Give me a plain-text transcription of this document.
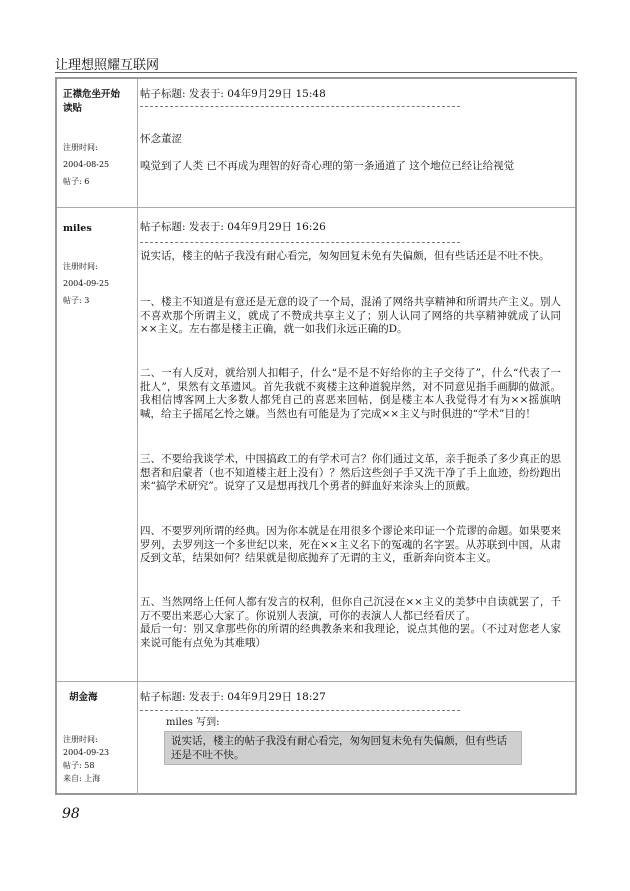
让理想照耀互联网
正襟危坐开始读贴
注册时间:
2004-08-25
帖子: 6
帖子标题: 发表于: 04年9月29日 15:48
怀念董涩
嗅觉到了人类 已不再成为理智的好奇心理的第一条通道了 这个地位已经让给视觉
miles
注册时间:
2004-09-25
帖子: 3
帖子标题: 发表于: 04年9月29日 16:26
说实话，楼主的帖子我没有耐心看完，匆匆回复未免有失偏颇，但有些话还是不吐不快。
一、楼主不知道是有意还是无意的设了一个局，混淆了网络共享精神和所谓共产主义。别人不喜欢那个所谓主义，就成了不赞成共享主义了；别人认同了网络的共享精神就成了认同××主义。左右都是楼主正确，就一如我们永远正确的D。
二、一有人反对，就给别人扣帽子，什么“是不是不好给你的主子交待了”，什么“代表了一批人”，果然有文革遗风。首先我就不爽楼主这种道貌岸然，对不同意见指手画脚的做派。我相信博客网上大多数人都凭自己的喜恶来回帖，倒是楼主本人我觉得才有为××摇旗呐喊，给主子摇尾乞怜之嫌。当然也有可能是为了完成××主义与时俱进的“学术”目的！
三、不要给我谈学术，中国搞政工的有学术可言？你们通过文革，亲手扼杀了多少真正的思想者和启蒙者（也不知道楼主赶上没有）？然后这些刽子手又洗干净了手上血迹，纷纷跑出来“搞学术研究”。说穿了又是想再找几个勇者的鲜血好来涂头上的顶戴。
四、不要罗列所谓的经典。因为你本就是在用很多个谬论来印证一个荒谬的命题。如果要来罗列，去罗列这一个多世纪以来，死在××主义名下的冤魂的名字罢。从苏联到中国，从肃反到文革，结果如何？结果就是彻底抛弃了无谓的主义，重新奔向资本主义。
五、当然网络上任何人都有发言的权利，但你自己沉浸在××主义的美梦中自读就罢了，千万不要出来恶心大家了。你说别人表演，可你的表演人人都已经看厌了。
最后一句：别又拿那些你的所谓的经典教条来和我理论，说点其他的罢。（不过对您老人家来说可能有点免为其难哦）
胡金海
注册时间:
2004-09-23
帖子: 58
来自: 上海
帖子标题: 发表于: 04年9月29日 18:27
miles 写到:
说实话，楼主的帖子我没有耐心看完，匆匆回复未免有失偏颇，但有些话还是不吐不快。
98
